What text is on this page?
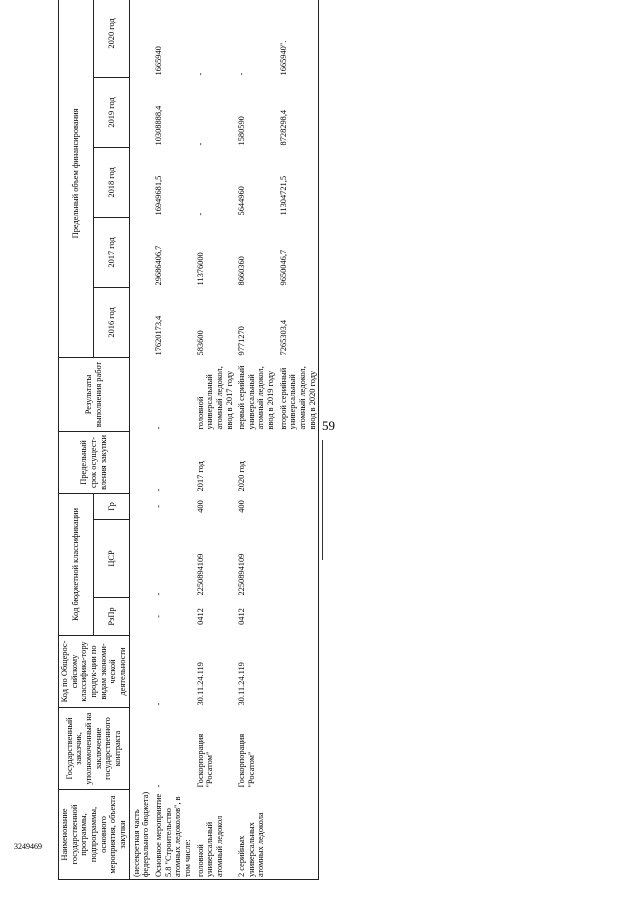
59
3249469 Наименование государственной программы, подпрограммы, основного мероприятия, объекта закупки	Государственный заказчик, уполномоченный на заключение государственного контракта	Код по Общерос-сийскому классифика-тору продук-ции по видам экономи-ческой деятельности	Код бюджетной классификации			Предельный срок осущест-вления закупки	Результаты выполнения работ	Предельный объем финансирования				
			РзПр	ЦСР	Гр			2016 год	2017 год	2018 год	2019 год	2020 год
(несекретная часть федерального бюджета)												
Основное мероприятие 5.8 "Строительство атомных ледоколов", в том числе:	-	-	-	-	-	-	-	17620173,4	29686406,7	16949681,5	10308888,4	1665940
головной универсальный атомный ледокол	Госкорпорация "Росатом"	30.11.24.119	0412	2250894109	400	2017 год	головной универсальный атомный ледокол, ввод в 2017 году	583600	11376000	-	-	-
2 серийных универсальных атомных ледокола	Госкорпорация "Росатом"	30.11.24.119	0412	2250894109	400	2020 год	первый серийный универсальный атомный ледокол, ввод в 2019 году	9771270	8660360	5644960	1580590	-
							второй серийный универсальный атомный ледокол, ввод в 2020 году	7265303,4	9650046,7	11304721,5	8728298,4	1665940".
